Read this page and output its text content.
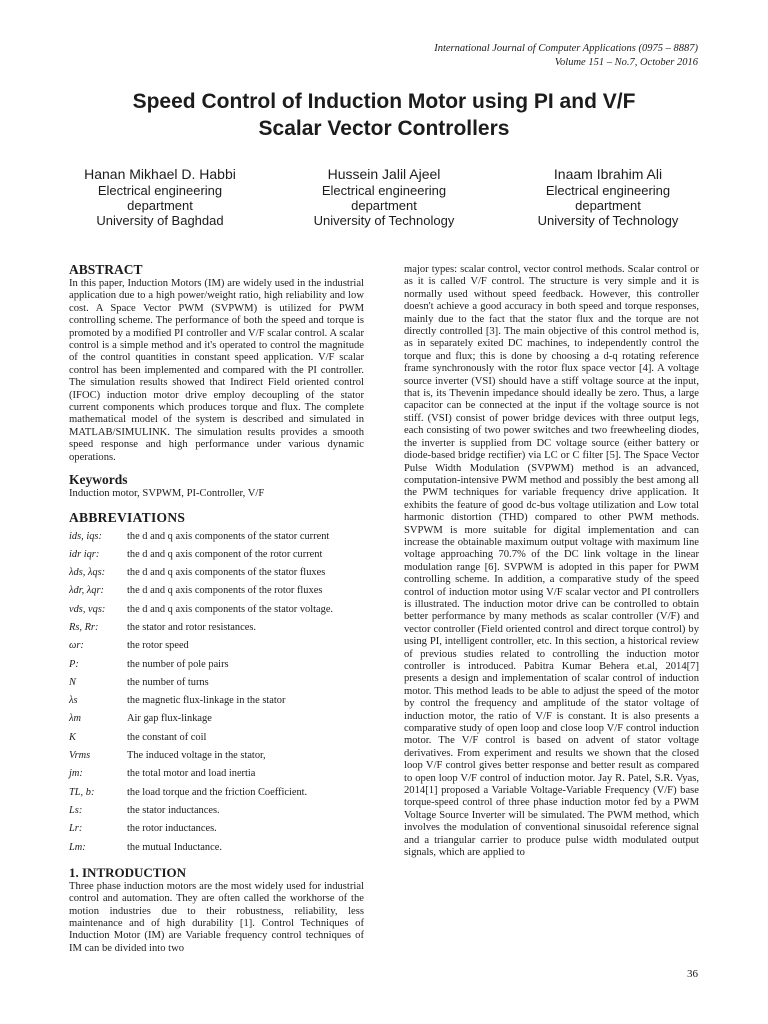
International Journal of Computer Applications (0975 – 8887)
Volume 151 – No.7, October 2016
Speed Control of Induction Motor using PI and V/F
Scalar Vector Controllers
Hanan Mikhael D. Habbi
Electrical engineering
department
University of Baghdad
Hussein Jalil Ajeel
Electrical engineering
department
University of Technology
Inaam Ibrahim Ali
Electrical engineering
department
University of Technology
ABSTRACT

In this paper, Induction Motors (IM) are widely used in the industrial application due to a high power/weight ratio, high reliability and low cost. A Space Vector PWM (SVPWM) is utilized for PWM controlling scheme. The performance of both the speed and torque is promoted by a modified PI controller and V/F scalar control. A scalar control is a simple method and it's operated to control the magnitude of the control quantities in constant speed application. V/F scalar control has been implemented and compared with the PI controller. The simulation results showed that Indirect Field oriented control (IFOC) induction motor drive employ decoupling of the stator current components which produces torque and flux. The complete mathematical model of the system is described and simulated in MATLAB/SIMULINK. The simulation results provides a smooth speed response and high performance under various dynamic operations.

Keywords

Induction motor, SVPWM, PI-Controller, V/F

ABBREVIATIONS
ids, iqs:	the d and q axis components of the stator current
idr iqr:	the d and q axis component of the rotor current
λds, λqs:	the d and q axis components of the stator fluxes
λdr, λqr:	the d and q axis components of the rotor fluxes
vds, vqs:	the d and q axis components of the stator voltage.
Rs, Rr:	the stator and rotor resistances.
ωr:	the rotor speed
P:	the number of pole pairs
N	the number of turns
λs	the magnetic flux-linkage in the stator
λm	Air gap flux-linkage
K	the constant of coil
Vrms	The induced voltage in the stator,
jm:	the total motor and load inertia
TL, b:	the load torque and the friction Coefficient.
Ls:	the stator inductances.
Lr:	the rotor inductances.
Lm:	the mutual Inductance.
1. INTRODUCTION

Three phase induction motors are the most widely used for industrial control and automation. They are often called the workhorse of the motion industries due to their robustness, reliability, less maintenance and of high durability [1]. Control Techniques of Induction Motor (IM) are Variable frequency control techniques of IM can be divided into two

major types: scalar control, vector control methods. Scalar control or as it is called V/F control. The structure is very simple and it is normally used without speed feedback. However, this controller doesn't achieve a good accuracy in both speed and torque responses, mainly due to the fact that the stator flux and the torque are not directly controlled [3]. The main objective of this control method is, as in separately exited DC machines, to independently control the torque and flux; this is done by choosing a d-q rotating reference frame synchronously with the rotor flux space vector [4]. A voltage source inverter (VSI) should have a stiff voltage source at the input, that is, its Thevenin impedance should ideally be zero. Thus, a large capacitor can be connected at the input if the voltage source is not stiff. (VSI) consist of power bridge devices with three output legs, each consisting of two power switches and two freewheeling diodes, the inverter is supplied from DC voltage source (either battery or diode-based bridge rectifier) via LC or C filter [5]. The Space Vector Pulse Width Modulation (SVPWM) method is an advanced, computation-intensive PWM method and possibly the best among all the PWM techniques for variable frequency drive application. It exhibits the feature of good dc-bus voltage utilization and Low total harmonic distortion (THD) compared to other PWM methods. SVPWM is more suitable for digital implementation and can increase the obtainable maximum output voltage with maximum line voltage approaching 70.7% of the DC link voltage in the linear modulation range [6]. SVPWM is adopted in this paper for PWM controlling scheme. In addition, a comparative study of the speed control of induction motor using V/F scalar vector and PI controllers is illustrated. The induction motor drive can be controlled to obtain better performance by many methods as scalar controller (V/F) and vector controller (Field oriented control and direct torque control) by using PI, intelligent controller, etc. In this section, a historical review of previous studies related to controlling the induction motor controller is introduced. Pabitra Kumar Behera et.al, 2014[7] presents a design and implementation of scalar control of induction motor. This method leads to be able to adjust the speed of the motor by control the frequency and amplitude of the stator voltage of induction motor, the ratio of V/F is constant. It is also presents a comparative study of open loop and close loop V/F control induction motor. The V/F control is based on advent of stator voltage derivatives. From experiment and results we shown that the closed loop V/F control gives better response and better result as compared to open loop V/F control of induction motor. Jay R. Patel, S.R. Vyas, 2014[1] proposed a Variable Voltage-Variable Frequency (V/F) base torque-speed control of three phase induction motor fed by a PWM Voltage Source Inverter will be simulated. The PWM method, which involves the modulation of conventional sinusoidal reference signal and a triangular carrier to produce pulse width modulated output signals, which are applied to

36
